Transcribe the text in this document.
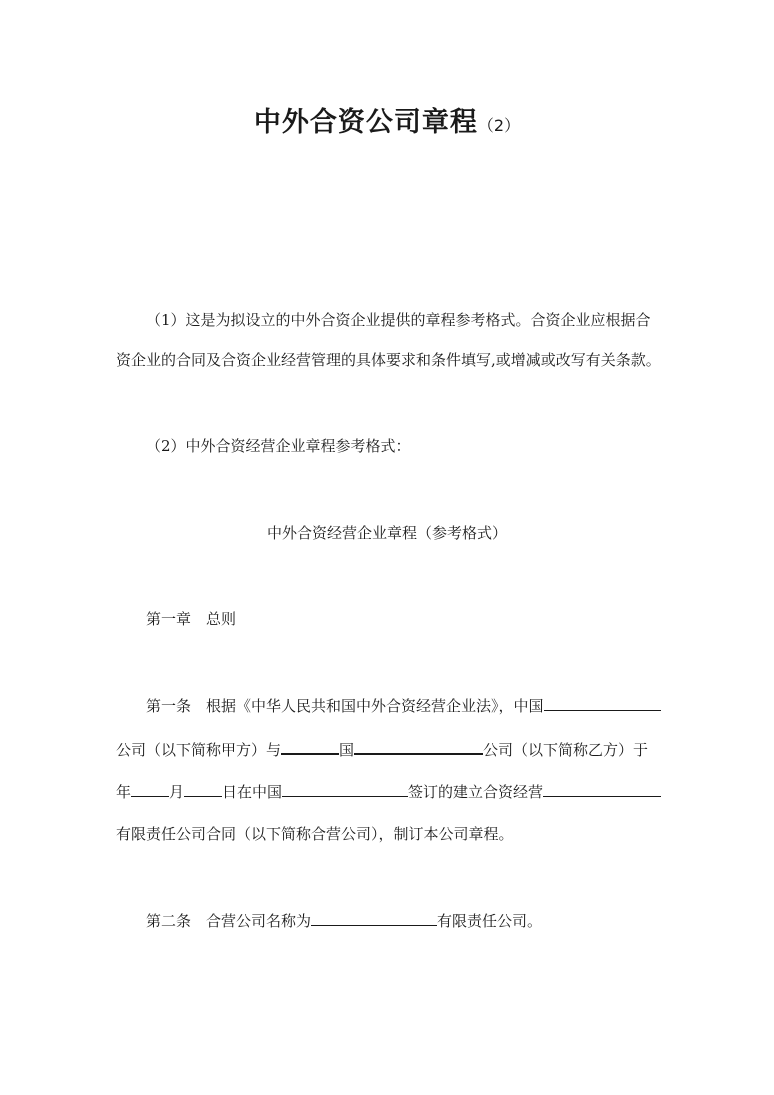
中外合资公司章程（2）
（1）这是为拟设立的中外合资企业提供的章程参考格式。合资企业应根据合
资企业的合同及合资企业经营管理的具体要求和条件填写,或增减或改写有关条款。
（2）中外合资经营企业章程参考格式：
中外合资经营企业章程（参考格式）
第一章　总则
第一条　根据《中华人民共和国中外合资经营企业法》，中国
公司（以下简称甲方）与	国	公司（以下简称乙方）于
年	月	日在中国	签订的建立合资经营
有限责任公司合同（以下简称合营公司），制订本公司章程。
第二条　合营公司名称为	有限责任公司。
